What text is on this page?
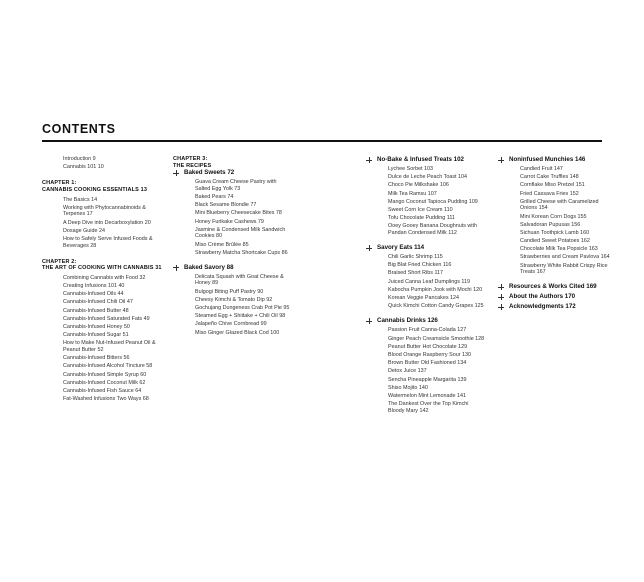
CONTENTS
Introduction 9
Cannabis 101 10
CHAPTER 1:
CANNABIS COOKING ESSENTIALS 13
The Basics 14
Working with Phytocannabinoids & Terpenes 17
A Deep Dive into Decarboxylation 20
Dosage Guide 24
How to Safely Serve Infused Foods & Beverages 28
CHAPTER 2:
THE ART OF COOKING WITH CANNABIS 31
Combining Cannabis with Food 32
Creating Infusions 101 40
Cannabis-Infused Oils 44
Cannabis-Infused Chili Oil 47
Cannabis-Infused Butter 48
Cannabis-Infused Saturated Fats 49
Cannabis-Infused Honey 50
Cannabis-Infused Sugar 51
How to Make Nut-Infused Peanut Oil & Peanut Butter 52
Cannabis-Infused Bitters 56
Cannabis-Infused Alcohol Tincture 58
Cannabis-Infused Simple Syrup 60
Cannabis-Infused Coconut Milk 62
Cannabis-Infused Fish Sauce 64
Fat-Washed Infusions Two Ways 68
CHAPTER 3:
THE RECIPES
Baked Sweets 72
Guava Cream Cheese Pastry with Salted Egg Yolk 73
Baked Pears 74
Black Sesame Blondie 77
Mini Blueberry Cheesecake Bites 78
Honey Furikake Cashews 79
Jasmine & Condensed Milk Sandwich Cookies 80
Miso Crème Brûlée 85
Strawberry Matcha Shortcake Cups 86
Baked Savory 88
Delicata Squash with Goat Cheese & Honey 89
Bulgogi Biting Puff Pastry 90
Cheesy Kimchi & Tomato Dip 92
Gochujang Dungeness Crab Pot Pie 95
Steamed Egg + Shiitake + Chili Oil 98
Jalapeño Chive Cornbread 99
Miso Ginger Glazed Black Cod 100
No-Bake & Infused Treats 102
Lychee Sorbet 103
Dulce de Leche Peach Toast 104
Choco Pie Milkshake 106
Milk Tea Ramsu 107
Mango Coconut Tapioca Pudding 109
Sweet Corn Ice Cream 110
Tofu Chocolate Pudding 111
Ooey Gooey Banana Doughnuts with Pandan Condensed Milk 112
Savory Eats 114
Chili Garlic Shrimp 115
Big Blat Fried Chicken 116
Braised Short Ribs 117
Juiced Canna Leaf Dumplings 119
Kabocha Pumpkin Jook with Mochi 120
Korean Veggie Pancakes 124
Quick Kimchi Cotton Candy Grapes 125
Cannabis Drinks 126
Passion Fruit Canna-Colada 127
Ginger Peach Creamsicle Smoothie 128
Peanut Butter Hot Chocolate 129
Blood Orange Raspberry Sour 130
Brown Butter Old Fashioned 134
Detox Juice 137
Sencha Pineapple Margarita 139
Shiso Mojito 140
Watermelon Mint Lemonade 141
The Dankest Over the Top Kimchi Bloody Mary 142
Noninfused Munchies 146
Candied Fruit 147
Carrot Cake Truffles 148
Cornflake Miso Pretzel 151
Fried Cassava Fries 152
Grilled Cheese with Caramelized Onions 154
Mini Korean Corn Dogs 155
Salvadoran Pupusas 156
Sichuan Toothpick Lamb 160
Candied Sweet Potatoes 162
Chocolate Milk Tea Popsicle 163
Strawberries and Cream Pavlova 164
Strawberry White Rabbit Crispy Rice Treats 167
Resources & Works Cited 169
About the Authors 170
Acknowledgments 172
